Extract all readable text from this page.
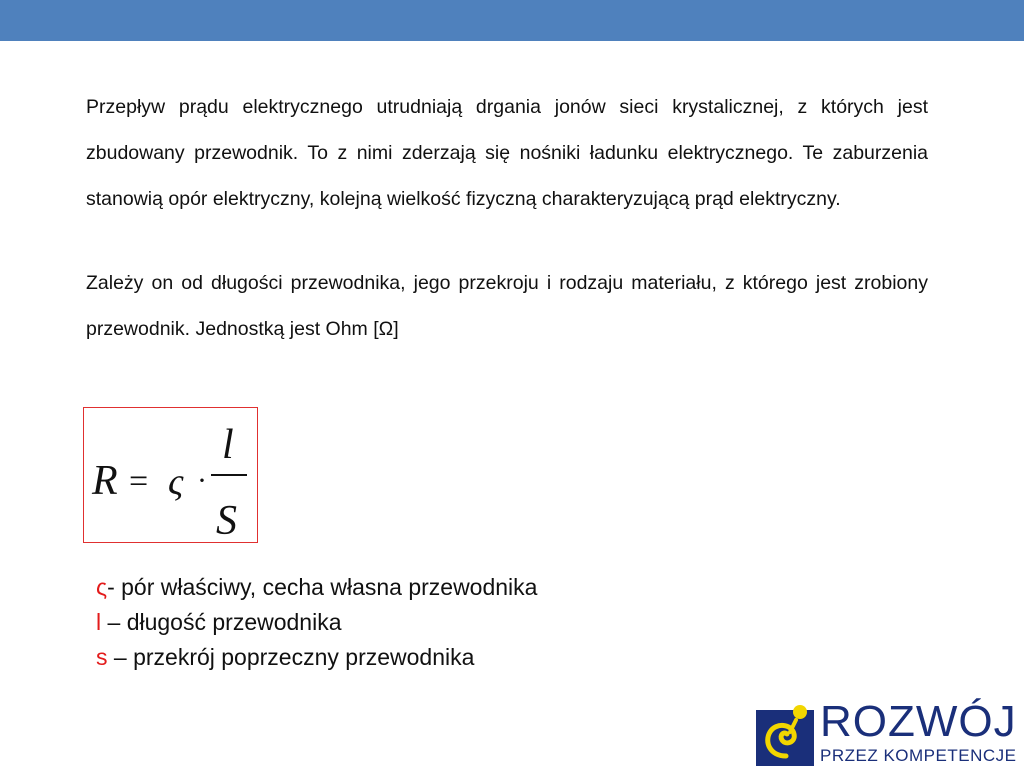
Przepływ prądu elektrycznego utrudniają drgania jonów sieci krystalicznej, z których jest zbudowany przewodnik. To z nimi zderzają się nośniki ładunku elektrycznego. Te zaburzenia stanowią opór elektryczny, kolejną wielkość fizyczną charakteryzującą prąd elektryczny.

Zależy on od długości przewodnika, jego przekroju i rodzaju materiału, z którego jest zrobiony przewodnik. Jednostką jest Ohm [Ω]

R = ς ·
l
S
ς- pór właściwy, cecha własna przewodnika
l – długość przewodnika
s – przekrój poprzeczny przewodnika
ROZWÓJ
PRZEZ KOMPETENCJE
